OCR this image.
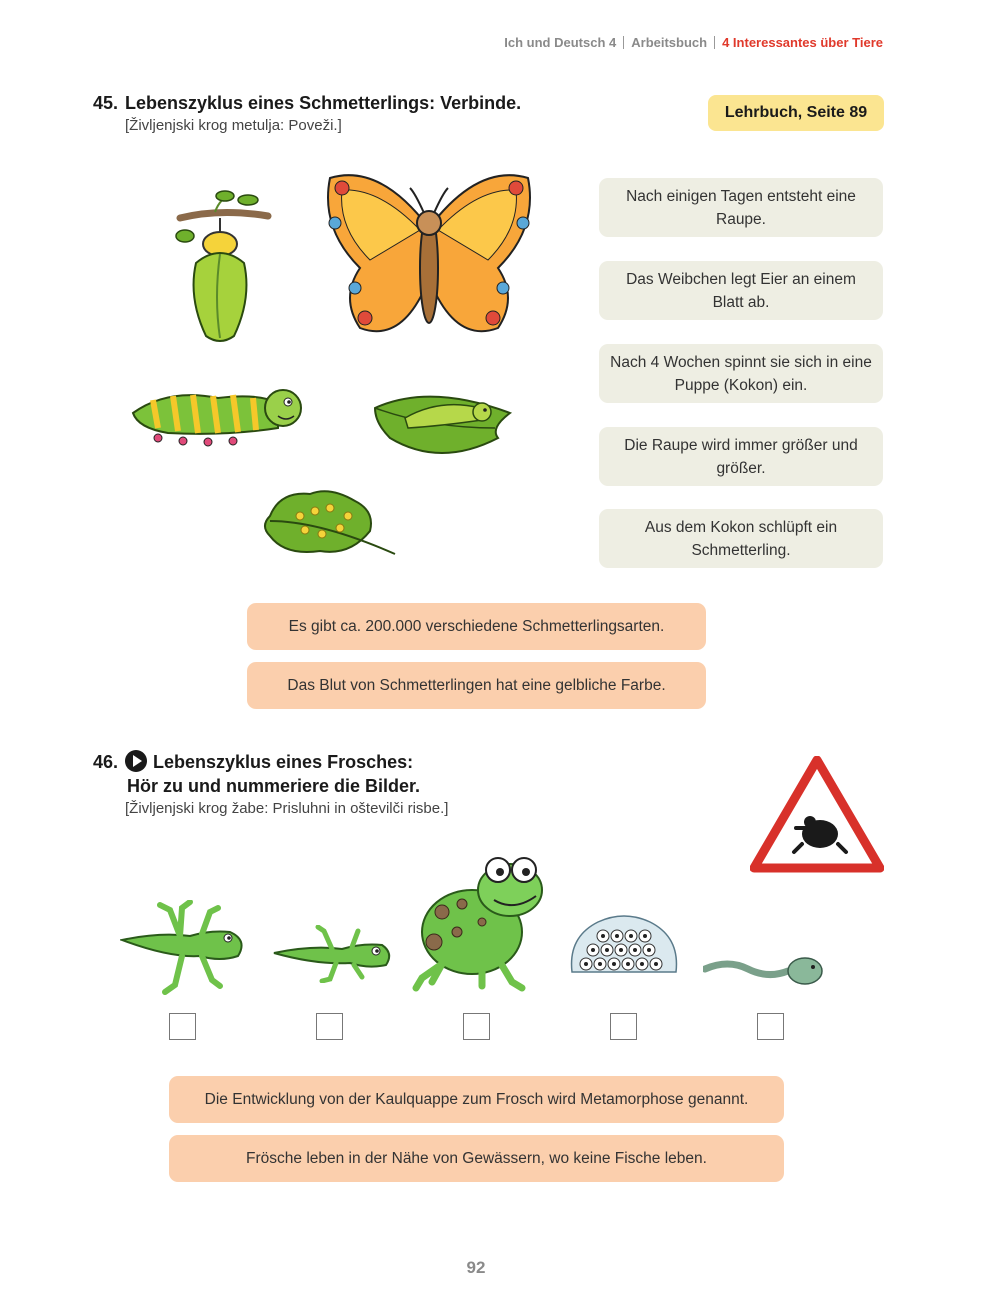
Ich und Deutsch 4 Arbeitsbuch 4 Interessantes über Tiere
45. Lebenszyklus eines Schmetterlings: Verbinde.
[Življenjski krog metulja: Poveži.]
Lehrbuch, Seite 89
Nach einigen Tagen entsteht eine Raupe.
Das Weibchen legt Eier an einem Blatt ab.
Nach 4 Wochen spinnt sie sich in eine Puppe (Kokon) ein.
Die Raupe wird immer größer und größer.
Aus dem Kokon schlüpft ein Schmetterling.
Es gibt ca. 200.000 verschiedene Schmetterlingsarten.
Das Blut von Schmetterlingen hat eine gelbliche Farbe.
46. Lebenszyklus eines Frosches:
Hör zu und nummeriere die Bilder.
[Življenjski krog žabe: Prisluhni in oštevilči risbe.]
Die Entwicklung von der Kaulquappe zum Frosch wird Metamorphose genannt.
Frösche leben in der Nähe von Gewässern, wo keine Fische leben.
92
